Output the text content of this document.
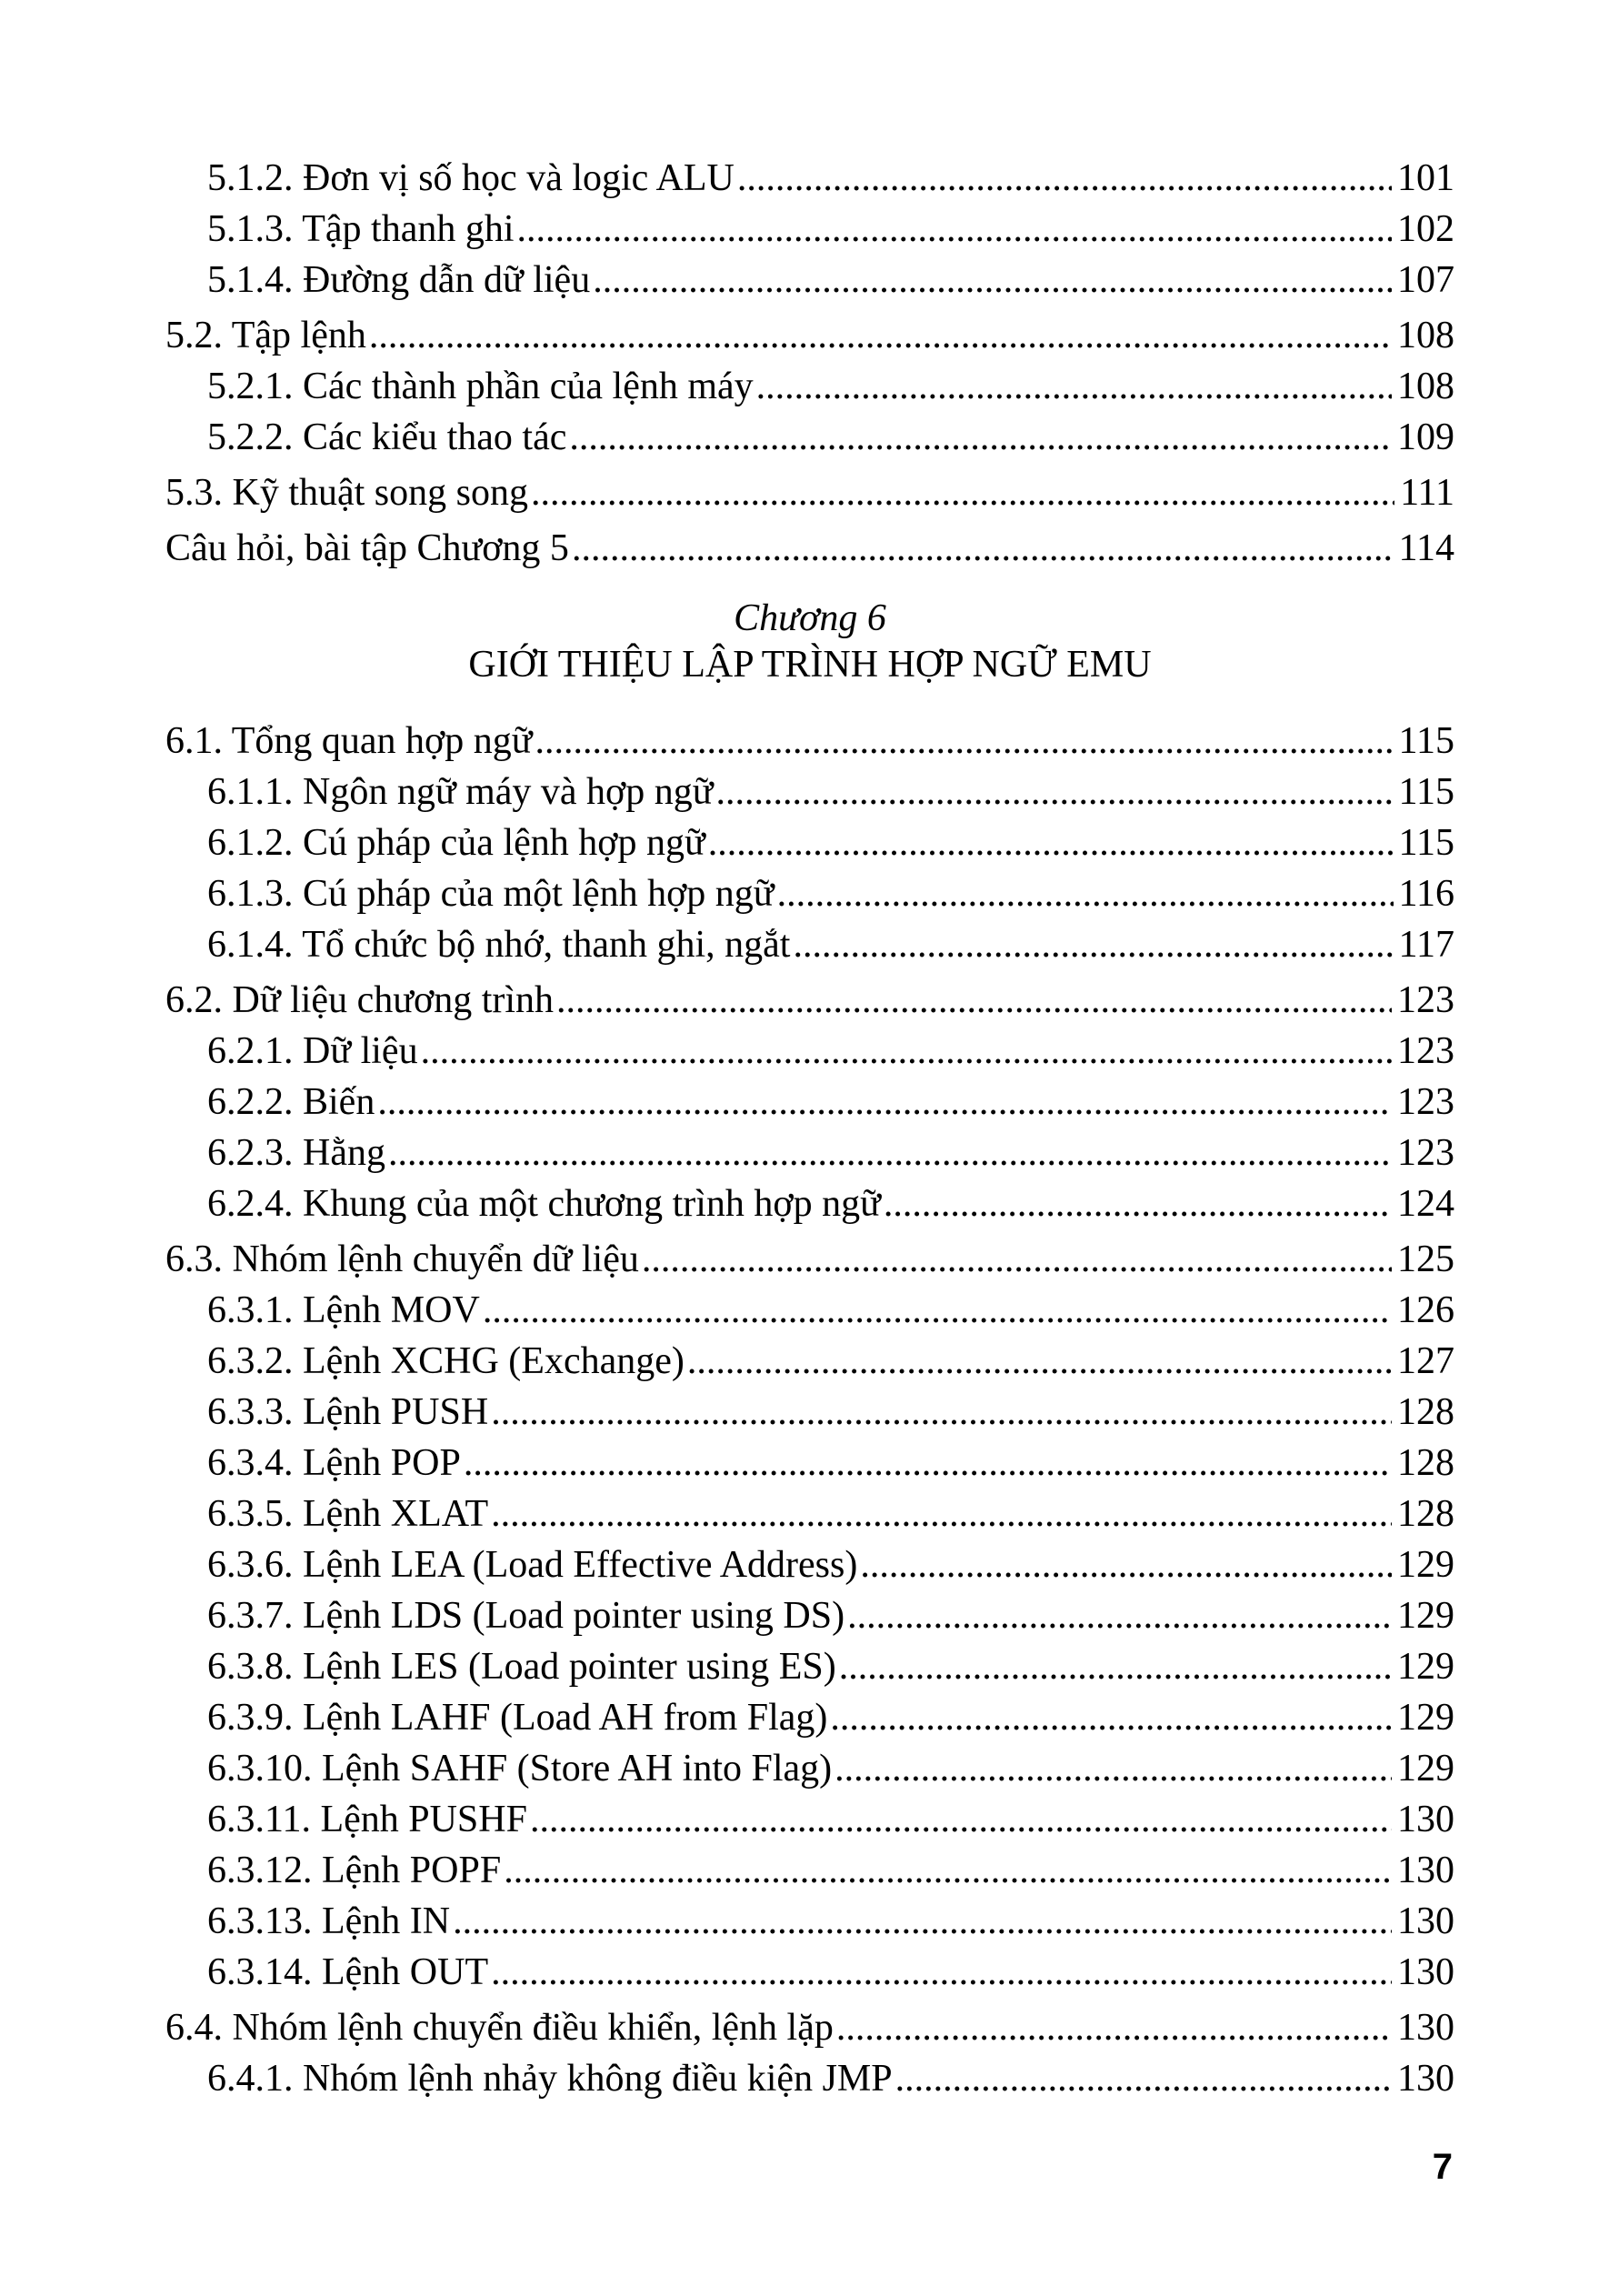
5.1.2. Đơn vị số học và logic ALU .....	101
5.1.3. Tập thanh ghi .....	102
5.1.4. Đường dẫn dữ liệu .....	107
5.2. Tập lệnh .....	108
5.2.1. Các thành phần của lệnh máy .....	108
5.2.2. Các kiểu thao tác .....	109
5.3. Kỹ thuật song song .....	111
Câu hỏi, bài tập Chương 5 .....	114
Chương 6
GIỚI THIỆU LẬP TRÌNH HỢP NGỮ EMU
6.1. Tổng quan hợp ngữ .....	115
6.1.1. Ngôn ngữ máy và hợp ngữ .....	115
6.1.2. Cú pháp của lệnh hợp ngữ .....	115
6.1.3. Cú pháp của một lệnh hợp ngữ .....	116
6.1.4. Tổ chức bộ nhớ, thanh ghi, ngắt .....	117
6.2. Dữ liệu chương trình .....	123
6.2.1. Dữ liệu .....	123
6.2.2. Biến .....	123
6.2.3. Hằng .....	123
6.2.4. Khung của một chương trình hợp ngữ .....	124
6.3. Nhóm lệnh chuyển dữ liệu .....	125
6.3.1. Lệnh MOV .....	126
6.3.2. Lệnh XCHG (Exchange) .....	127
6.3.3. Lệnh PUSH .....	128
6.3.4. Lệnh POP .....	128
6.3.5. Lệnh XLAT .....	128
6.3.6. Lệnh LEA (Load Effective Address) .....	129
6.3.7. Lệnh LDS (Load pointer using DS) .....	129
6.3.8. Lệnh LES (Load pointer using ES) .....	129
6.3.9. Lệnh LAHF (Load AH from Flag) .....	129
6.3.10. Lệnh SAHF (Store AH into Flag) .....	129
6.3.11. Lệnh PUSHF .....	130
6.3.12. Lệnh POPF .....	130
6.3.13. Lệnh IN .....	130
6.3.14. Lệnh OUT .....	130
6.4. Nhóm lệnh chuyển điều khiển, lệnh lặp .....	130
6.4.1. Nhóm lệnh nhảy không điều kiện JMP .....	130
7
